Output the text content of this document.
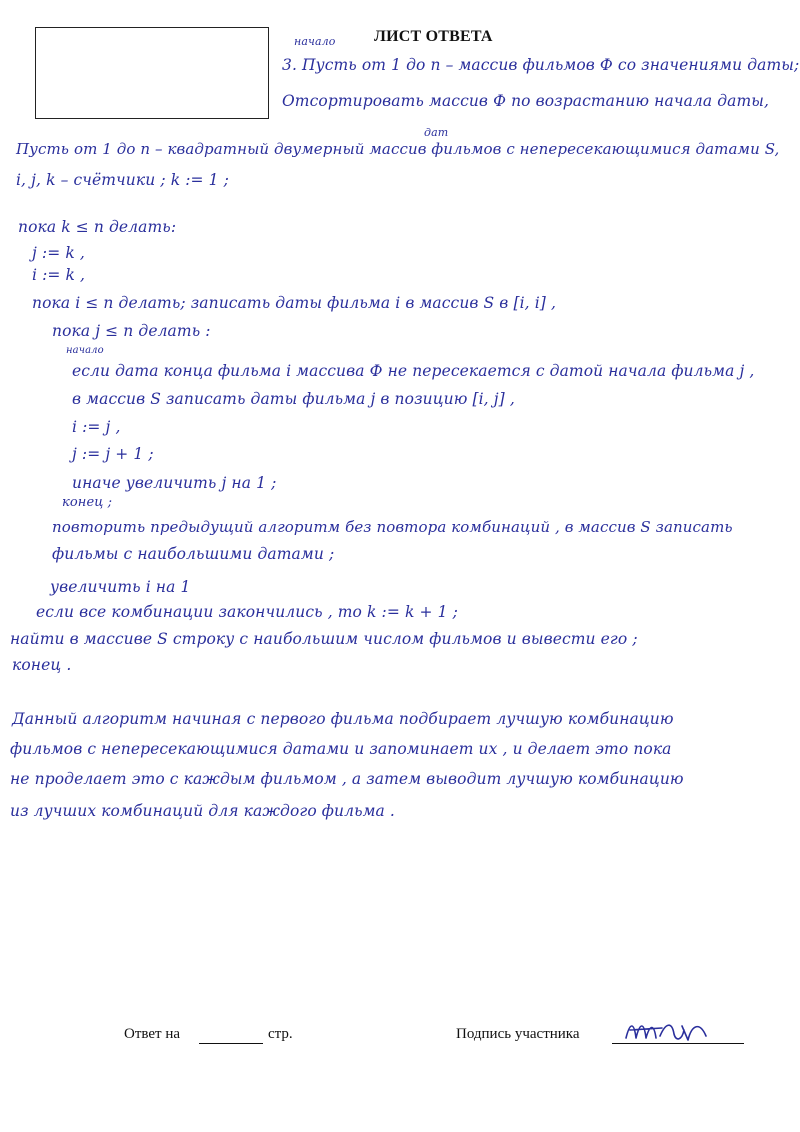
ЛИСТ ОТВЕТА
начало
3. Пусть от 1 до n – массив фильмов Ф со значениями даты;
Отсортировать массив Ф по возрастанию начала даты,
дат
Пусть от 1 до n – квадратный двумерный массив фильмов с непересекающимися датами S,
i, j, k – счётчики ; k := 1 ;
пока k ≤ n делать:
j := k ,
i := k ,
пока i ≤ n делать; записать даты фильма i в массив S в [i, i] ,
пока j ≤ n делать :
начало
если дата конца фильма i массива Ф не пересекается с датой начала фильма j ,
в массив S записать даты фильма j в позицию [i, j] ,
i := j ,
j := j + 1 ;
иначе увеличить j на 1 ;
конец ;
повторить предыдущий алгоритм без повтора комбинаций , в массив S записать
фильмы с наибольшими датами ;
увеличить i на 1
если все комбинации закончились , то k := k + 1 ;
найти в массиве S строку с наибольшим числом фильмов и вывести его ;
конец .
Данный алгоритм начиная с первого фильма подбирает лучшую комбинацию
фильмов с непересекающимися датами и запоминает их , и делает это пока
не проделает это с каждым фильмом , а затем выводит лучшую комбинацию
из лучших комбинаций для каждого фильма .
Ответ на	стр.	Подпись участника
